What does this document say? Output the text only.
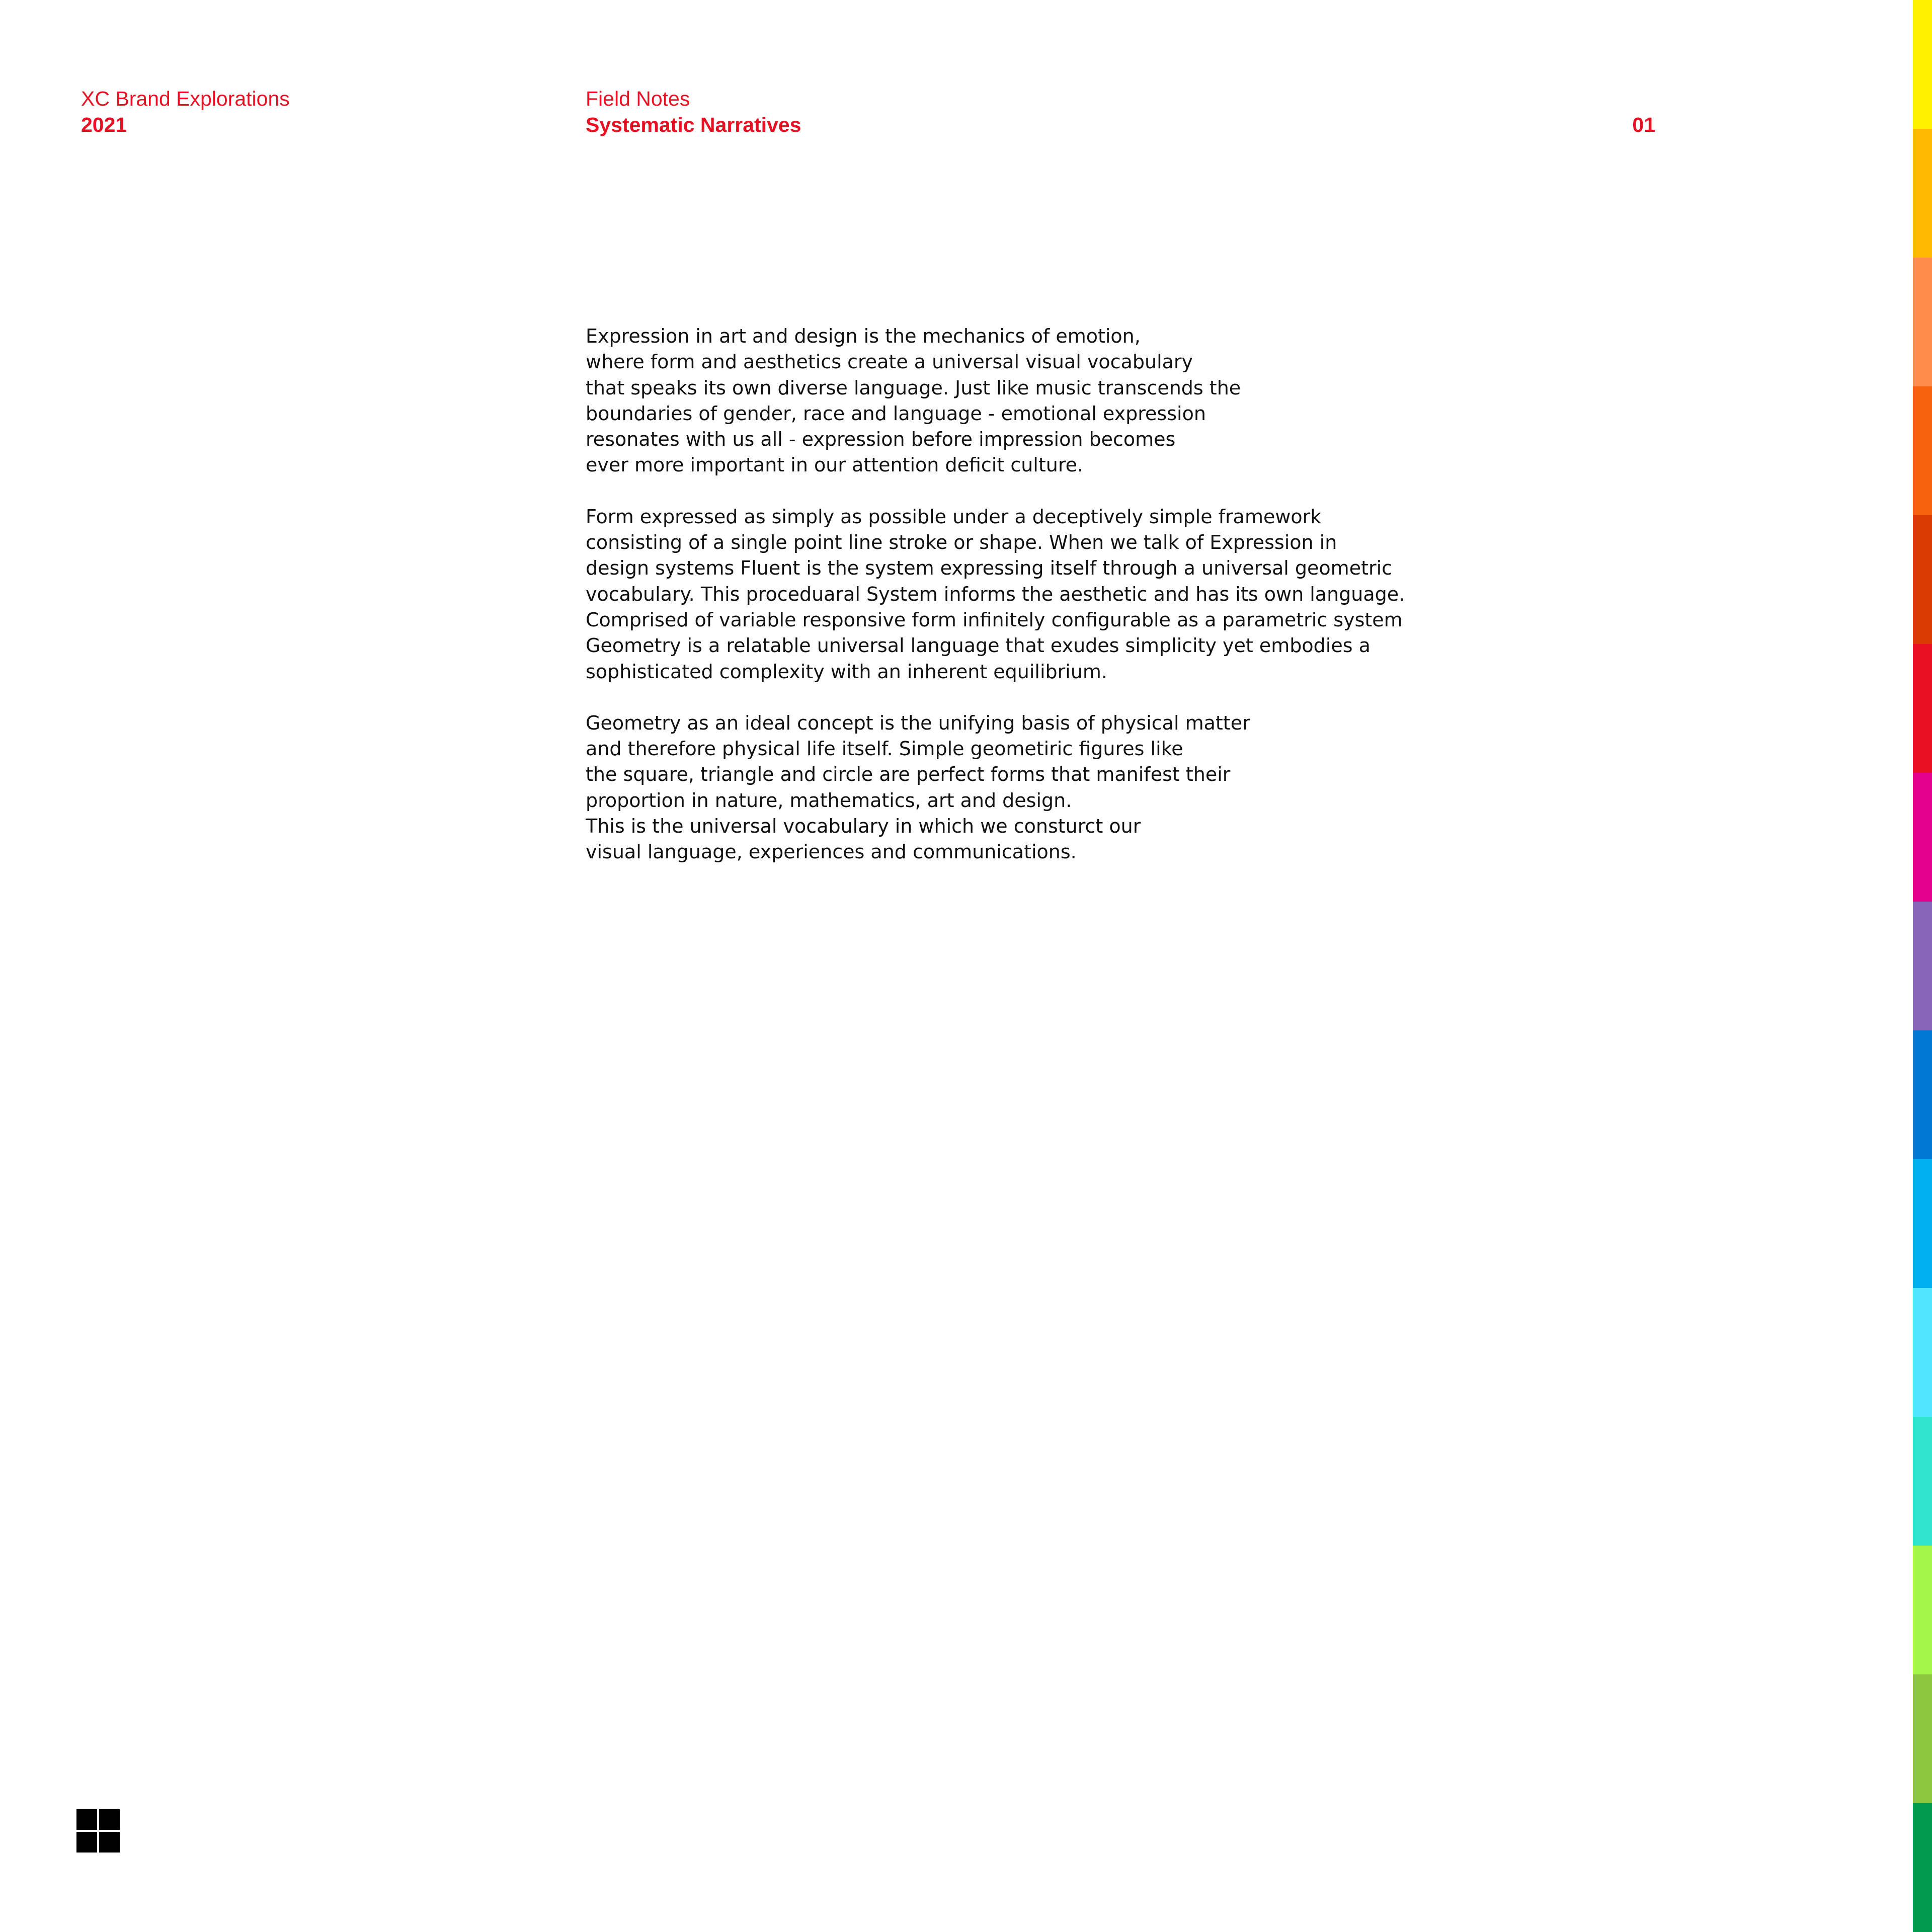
XC Brand Explorations
2021
Field Notes
Systematic Narratives	01
Expression in art and design is the mechanics of emotion,
where form and aesthetics create a universal visual vocabulary
that speaks its own diverse language. Just like music transcends the
boundaries of gender, race and language - emotional expression
resonates with us all - expression before impression becomes
ever more important in our attention deficit culture.
Form expressed as simply as possible under a deceptively simple framework
consisting of a single point line stroke or shape. When we talk of Expression in
design systems Fluent is the system expressing itself through a universal geometric
vocabulary. This proceduaral System informs the aesthetic and has its own language.
Comprised of variable responsive form infinitely configurable as a parametric system
Geometry is a relatable universal language that exudes simplicity yet embodies a
sophisticated complexity with an inherent equilibrium.
Geometry as an ideal concept is the unifying basis of physical matter
and therefore physical life itself. Simple geometiric figures like
the square, triangle and circle are perfect forms that manifest their
proportion in nature, mathematics, art and design.
This is the universal vocabulary in which we consturct our
visual language, experiences and communications.
